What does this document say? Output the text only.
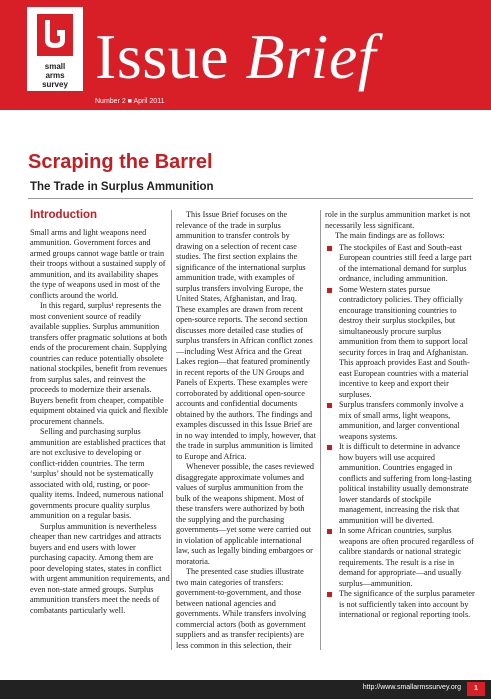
small
arms
survey Issue Brief
Number 2 ■ April 2011
Scraping the Barrel
The Trade in Surplus Ammunition
Introduction

Small arms and light weapons need ammunition. Government forces and armed groups cannot wage battle or train their troops without a sustained supply of ammunition, and its availability shapes the type of weapons used in most of the conflicts around the world.

In this regard, surplus¹ represents the most convenient source of readily available supplies. Surplus ammunition transfers offer pragmatic solutions at both ends of the procurement chain. Supplying countries can reduce potentially obsolete national stockpiles, benefit from revenues from surplus sales, and reinvest the proceeds to modernize their arsenals. Buyers benefit from cheaper, compatible equipment obtained via quick and flexible procurement channels.

Selling and purchasing surplus ammunition are established practices that are not exclusive to developing or conflict-ridden countries. The term ‘surplus’ should not be systematically associated with old, rusting, or poor-quality items. Indeed, numerous national governments procure quality surplus ammunition on a regular basis.

Surplus ammunition is nevertheless cheaper than new cartridges and attracts buyers and end users with lower purchasing capacity. Among them are poor developing states, states in conflict with urgent ammunition requirements, and even non-state armed groups. Surplus ammunition transfers meet the needs of combatants particularly well.

This Issue Brief focuses on the relevance of the trade in surplus ammunition to transfer controls by drawing on a selection of recent case studies. The first section explains the significance of the international surplus ammunition trade, with examples of surplus transfers involving Europe, the United States, Afghanistan, and Iraq. These examples are drawn from recent open-source reports. The second section discusses more detailed case studies of surplus transfers in African conflict zones—including West Africa and the Great Lakes region—that featured prominently in recent reports of the UN Groups and Panels of Experts. These examples were corroborated by additional open-source accounts and confidential documents obtained by the authors. The findings and examples discussed in this Issue Brief are in no way intended to imply, however, that the trade in surplus ammunition is limited to Europe and Africa.

Whenever possible, the cases reviewed disaggregate approximate volumes and values of surplus ammunition from the bulk of the weapons shipment. Most of these transfers were authorized by both the supplying and the purchasing governments—yet some were carried out in violation of applicable international law, such as legally binding embargoes or moratoria.

The presented case studies illustrate two main categories of transfers: government-to-government, and those between national agencies and governments. While transfers involving commercial actors (both as government suppliers and as transfer recipients) are less common in this selection, their

role in the surplus ammunition market is not necessarily less significant.

The main findings are as follows:

The stockpiles of East and South-east European countries still feed a large part of the international demand for surplus ordnance, including ammunition.
Some Western states pursue contradictory policies. They officially encourage transitioning countries to destroy their surplus stockpiles, but simultaneously procure surplus ammunition from them to support local security forces in Iraq and Afghanistan. This approach provides East and South-east European countries with a material incentive to keep and export their surpluses.
Surplus transfers commonly involve a mix of small arms, light weapons, ammunition, and larger conventional weapons systems.
It is difficult to determine in advance how buyers will use acquired ammunition. Countries engaged in conflicts and suffering from long-lasting political instability usually demonstrate lower standards of stockpile management, increasing the risk that ammunition will be diverted.
In some African countries, surplus weapons are often procured regardless of calibre standards or national strategic requirements. The result is a rise in demand for appropriate—and usually surplus—ammunition.
The significance of the surplus parameter is not sufficiently taken into account by international or regional reporting tools.
http://www.smallarmssurvey.org	1
